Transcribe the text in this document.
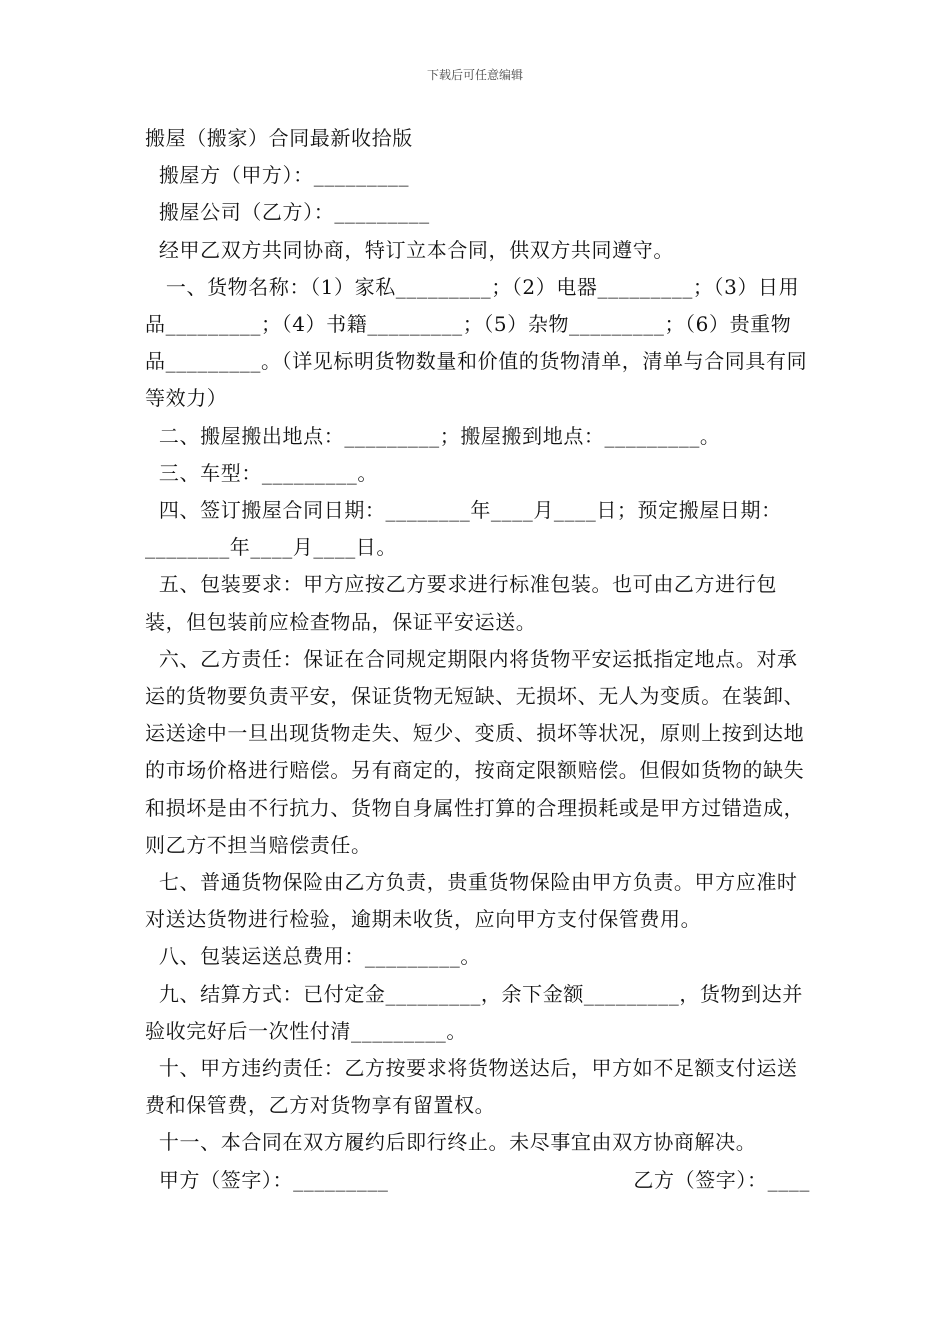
下载后可任意编辑

搬屋（搬家）合同最新收拾版

搬屋方（甲方）：_________

搬屋公司（乙方）：_________

经甲乙双方共同协商，特订立本合同，供双方共同遵守。

一、货物名称：（1）家私_________；（2）电器_________；（3）日用品_________；（4）书籍_________；（5）杂物_________；（6）贵重物品_________。（详见标明货物数量和价值的货物清单，清单与合同具有同等效力）

二、搬屋搬出地点：_________；搬屋搬到地点：_________。

三、车型：_________。

四、签订搬屋合同日期：________年____月____日；预定搬屋日期：________年____月____日。

五、包装要求：甲方应按乙方要求进行标准包装。也可由乙方进行包装，但包装前应检查物品，保证平安运送。

六、乙方责任：保证在合同规定期限内将货物平安运抵指定地点。对承运的货物要负责平安，保证货物无短缺、无损坏、无人为变质。在装卸、运送途中一旦出现货物走失、短少、变质、损坏等状况，原则上按到达地的市场价格进行赔偿。另有商定的，按商定限额赔偿。但假如货物的缺失和损坏是由不行抗力、货物自身属性打算的合理损耗或是甲方过错造成，则乙方不担当赔偿责任。

七、普通货物保险由乙方负责，贵重货物保险由甲方负责。甲方应准时对送达货物进行检验，逾期未收货，应向甲方支付保管费用。

八、包装运送总费用：_________。

九、结算方式：已付定金_________，余下金额_________，货物到达并验收完好后一次性付清_________。

十、甲方违约责任：乙方按要求将货物送达后，甲方如不足额支付运送费和保管费，乙方对货物享有留置权。

十一、本合同在双方履约后即行终止。未尽事宜由双方协商解决。

甲方（签字）：_________	乙方（签字）：____
